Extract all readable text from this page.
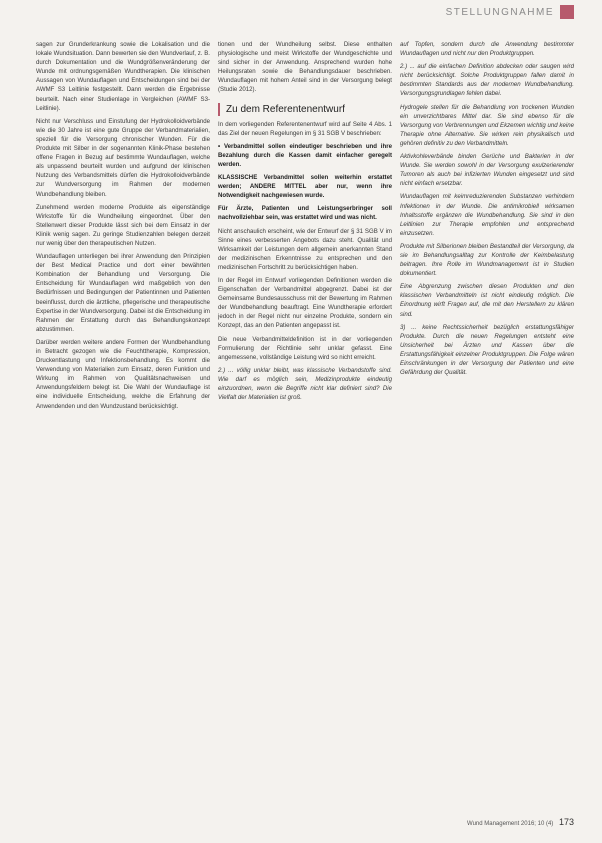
STELLUNGNAHME

sagen zur Grunderkrankung sowie die Lokalisation und die lokale Wundsituation. Dann bewerten sie den Wundverlauf, z. B. durch Dokumentation und die Wundgrößenveränderung der Wunde mit ordnungsgemäßen Wundtherapien. Die klinischen Aussagen von Wundauflagen und Entscheidungen sind bei der AWMF S3 Leitlinie festgestellt. Dann werden die Ergebnisse beurteilt. Nach einer Studienlage in Vergleichen (AWMF S3-Leitlinie).

Nicht nur Verschluss und Einstufung der Hydrokolloidverbände wie die 30 Jahre ist eine gute Gruppe der Verbandmaterialien, speziell für die Versorgung chronischer Wunden. Für die Produkte mit Silber in der sogenannten Klinik-Phase bestehen offene Fragen in Bezug auf bestimmte Wundauflagen, welche als unpassend beurteilt wurden und aufgrund der klinischen Nutzung des Verbandsmittels dürfen die Hydrokolloidverbände zur Wundversorgung im Rahmen der modernen Wundbehandlung bleiben.

Zunehmend werden moderne Produkte als eigenständige Wirkstoffe für die Wundheilung eingeordnet. Über den Stellenwert dieser Produkte lässt sich bei dem Einsatz in der Klinik wenig sagen. Zu geringe Studienzahlen belegen derzeit nur wenig über den therapeutischen Nutzen.

Wundauflagen unterliegen bei ihrer Anwendung den Prinzipien der Best Medical Practice und dort einer bewährten Kombination der Behandlung und Versorgung. Die Entscheidung für Wundauflagen wird maßgeblich von den Bedürfnissen und Bedingungen der Patientinnen und Patienten beeinflusst, durch die ärztliche, pflegerische und therapeutische Expertise in der Wundversorgung. Dabei ist die Entscheidung im Rahmen der Erstattung durch das Behandlungskonzept abzustimmen.

Darüber werden weitere andere Formen der Wundbehandlung in Betracht gezogen wie die Feuchttherapie, Kompression, Druckentlastung und Infektionsbehandlung. Es kommt die Verwendung von Materialien zum Einsatz, deren Funktion und Wirkung im Rahmen von Qualitätsnachweisen und Anwendungsfeldern belegt ist. Die Wahl der Wundauflage ist eine individuelle Entscheidung, welche die Erfahrung der Anwendenden und den Wundzustand berücksichtigt.

tionen und der Wundheilung selbst. Diese enthalten physiologische und meist Wirkstoffe der Wundgeschichte und sind sicher in der Anwendung. Ansprechend wurden hohe Heilungsraten sowie die Behandlungsdauer beschrieben. Wundauflagen mit hohem Anteil sind in der Versorgung belegt (Studie 2012).

Zu dem Referentenentwurf

In dem vorliegenden Referentenentwurf wird auf Seite 4 Abs. 1 das Ziel der neuen Regelungen im § 31 SGB V beschrieben:

• Verbandmittel sollen eindeutiger beschrieben und ihre Bezahlung durch die Kassen damit einfacher geregelt werden.

KLASSISCHE Verbandmittel sollen weiterhin erstattet werden; ANDERE MITTEL aber nur, wenn ihre Notwendigkeit nachgewiesen wurde.

Für Ärzte, Patienten und Leistungserbringer soll nachvollziehbar sein, was erstattet wird und was nicht.

Nicht anschaulich erscheint, wie der Entwurf der § 31 SGB V im Sinne eines verbesserten Angebots dazu steht. Qualität und Wirksamkeit der Leistungen dem allgemein anerkannten Stand der medizinischen Erkenntnisse zu entsprechen und den medizinischen Fortschritt zu berücksichtigen haben.

In der Regel im Entwurf vorliegenden Definitionen werden die Eigenschaften der Verbandmittel abgegrenzt. Dabei ist der Gemeinsame Bundesausschuss mit der Bewertung im Rahmen der Wundbehandlung beauftragt. Eine Wundtherapie erfordert jedoch in der Regel nicht nur einzelne Produkte, sondern ein Konzept, das an den Patienten angepasst ist.

Die neue Verbandmitteldefinition ist in der vorliegenden Formulierung der Richtlinie sehr unklar gefasst. Eine angemessene, vollständige Leistung wird so nicht erreicht.

2.) ... völlig unklar bleibt, was klassische Verbandstoffe sind. Wie darf es möglich sein, Medizinprodukte eindeutig einzuordnen, wenn die Begriffe nicht klar definiert sind? Die Vielfalt der Materialien ist groß.

auf Topfen, sondern durch die Anwendung bestimmter Wundauflagen und nicht nur den Produktgruppen.

2.) ... auf die einfachen Definition abdecken oder saugen wird nicht berücksichtigt. Solche Produktgruppen fallen damit in bestimmten Standards aus der modernen Wundbehandlung. Versorgungsgrundlagen fehlen dabei.

Hydrogele stellen für die Behandlung von trockenen Wunden ein unverzichtbares Mittel dar. Sie sind ebenso für die Versorgung von Verbrennungen und Ekzemen wichtig und keine Therapie ohne Alternative. Sie wirken rein physikalisch und gehören definitiv zu den Verbandmitteln.

Aktivkohleverbände binden Gerüche und Bakterien in der Wunde. Sie werden sowohl in der Versorgung exulzerierender Tumoren als auch bei infizierten Wunden eingesetzt und sind nicht einfach ersetzbar.

Wundauflagen mit keimreduzierenden Substanzen verhindern Infektionen in der Wunde. Die antimikrobiell wirksamen Inhaltsstoffe ergänzen die Wundbehandlung. Sie sind in den Leitlinien zur Therapie empfohlen und entsprechend einzusetzen.

Produkte mit Silberionen bleiben Bestandteil der Versorgung, da sie im Behandlungsalltag zur Kontrolle der Keimbelastung beitragen. Ihre Rolle im Wundmanagement ist in Studien dokumentiert.

Eine Abgrenzung zwischen diesen Produkten und den klassischen Verbandmitteln ist nicht eindeutig möglich. Die Einordnung wirft Fragen auf, die mit den Herstellern zu klären sind.

3) ... keine Rechtssicherheit bezüglich erstattungsfähiger Produkte. Durch die neuen Regelungen entsteht eine Unsicherheit bei Ärzten und Kassen über die Erstattungsfähigkeit einzelner Produktgruppen. Die Folge wären Einschränkungen in der Versorgung der Patienten und eine Gefährdung der Qualität.

Wund Management 2016; 10 (4) 173
